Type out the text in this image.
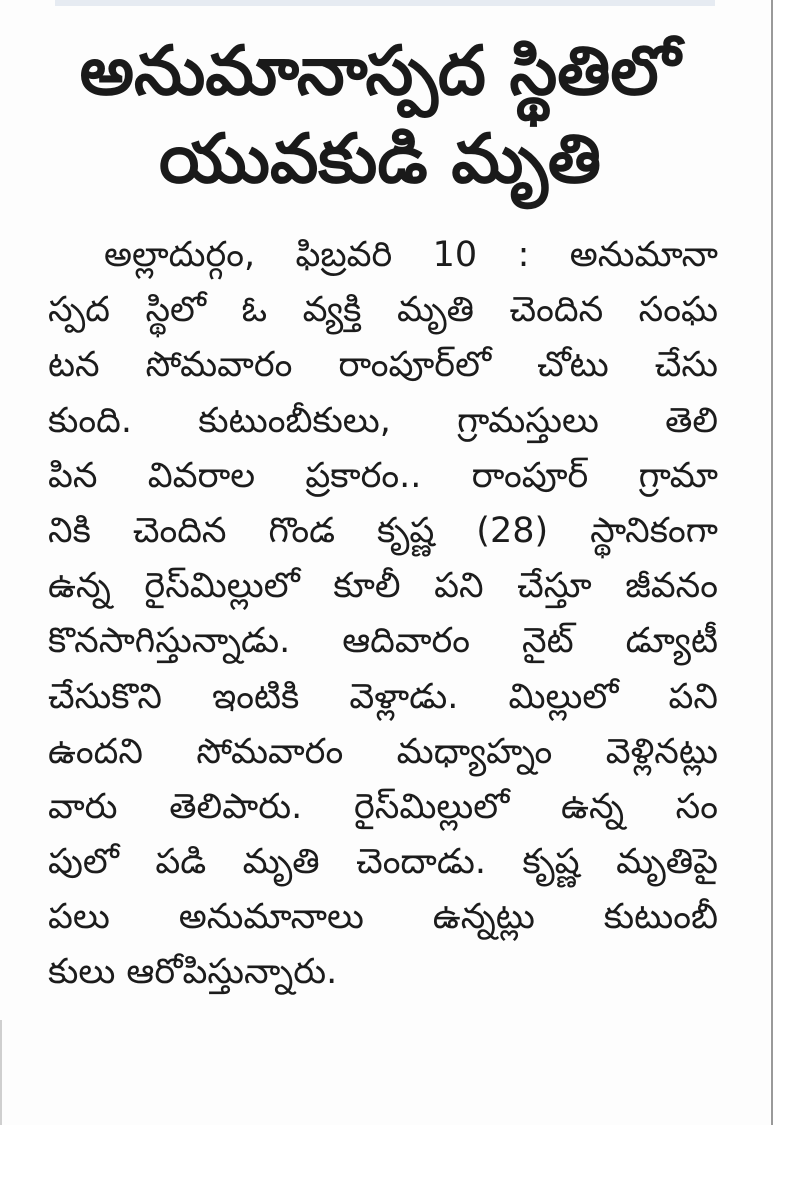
అనుమానాస్పద స్థితిలో
యువకుడి మృతి
అల్లాదుర్గం, ఫిబ్రవరి 10 : అనుమానా
స్పద స్థిలో ఓ వ్యక్తి మృతి చెందిన సంఘ
టన సోమవారం రాంపూర్‌లో చోటు చేసు
కుంది. కుటుంబీకులు, గ్రామస్తులు తెలి
పిన వివరాల ప్రకారం.. రాంపూర్ గ్రామా
నికి చెందిన గొండ కృష్ణ (28) స్థానికంగా
ఉన్న రైస్‌మిల్లులో కూలీ పని చేస్తూ జీవనం
కొనసాగిస్తున్నాడు. ఆదివారం నైట్ డ్యూటీ
చేసుకొని ఇంటికి వెళ్లాడు. మిల్లులో పని
ఉందని సోమవారం మధ్యాహ్నం వెళ్లినట్లు
వారు తెలిపారు. రైస్‌మిల్లులో ఉన్న సం
పులో పడి మృతి చెందాడు. కృష్ణ మృతిపై
పలు అనుమానాలు ఉన్నట్లు కుటుంబీ
కులు ఆరోపిస్తున్నారు.
